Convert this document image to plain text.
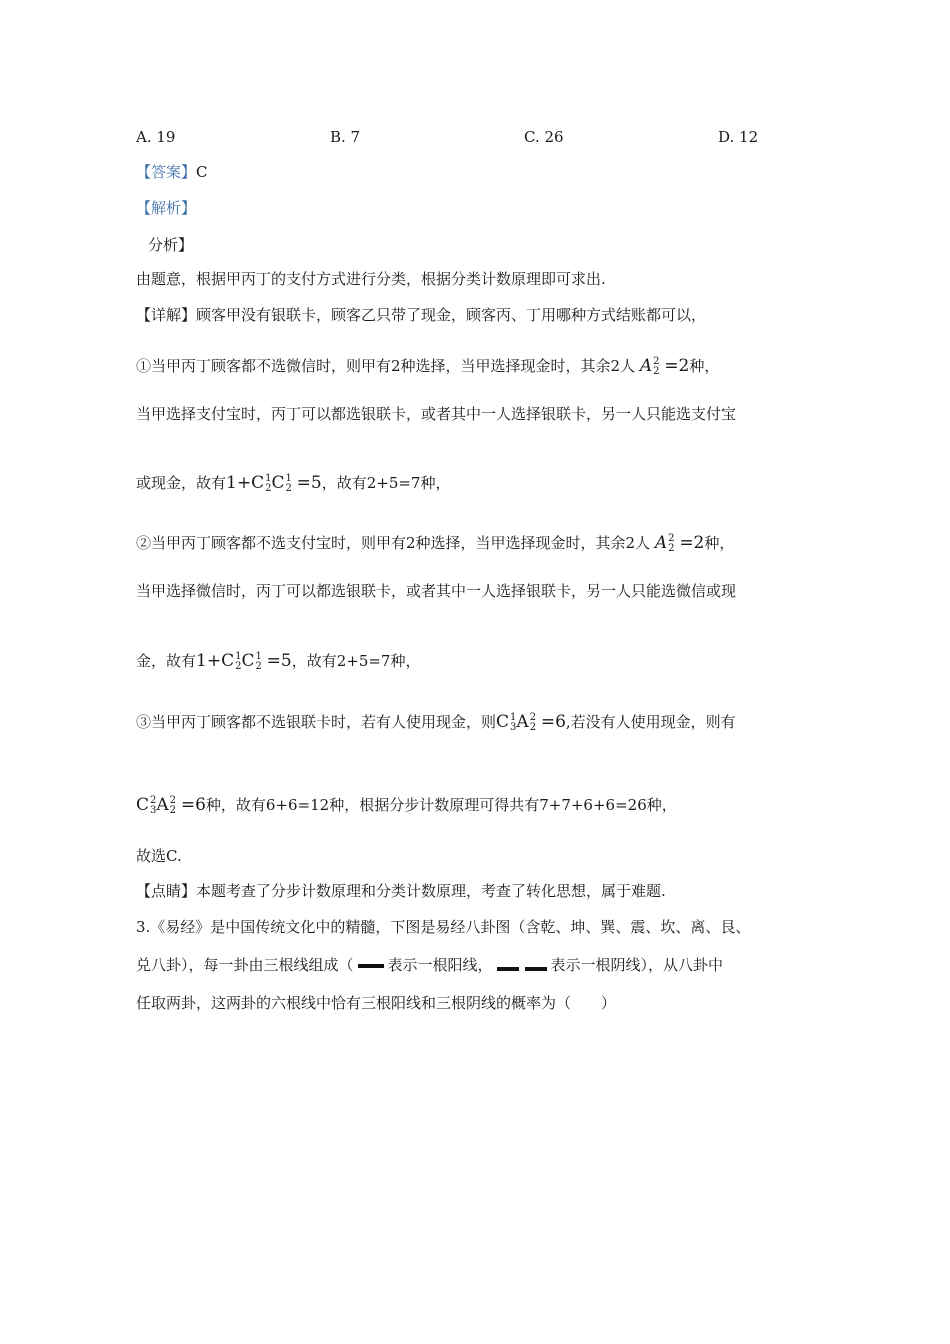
A. 19	B. 7	C. 26	D. 12
【答案】C
【解析】
分析】
由题意，根据甲丙丁的支付方式进行分类，根据分类计数原理即可求出.
【详解】顾客甲没有银联卡，顾客乙只带了现金，顾客丙、丁用哪种方式结账都可以，
①当甲丙丁顾客都不选微信时，则甲有2种选择，当甲选择现金时，其余2人 A 2
2 =2种，
当甲选择支付宝时，丙丁可以都选银联卡，或者其中一人选择银联卡，另一人只能选支付宝
或现金，故有1+C 1
2 C 1
2 =5，故有2+5=7种，
②当甲丙丁顾客都不选支付宝时，则甲有2种选择，当甲选择现金时，其余2人 A 2
2 =2种，
当甲选择微信时，丙丁可以都选银联卡，或者其中一人选择银联卡，另一人只能选微信或现
金，故有1+C 1
2 C 1
2 =5，故有2+5=7种，
③当甲丙丁顾客都不选银联卡时，若有人使用现金，则C 1
3 A 2
2 =6,若没有人使用现金，则有
C 2
3 A 2
2 =6种，故有6+6=12种，根据分步计数原理可得共有7+7+6+6=26种，
故选C.
【点睛】本题考查了分步计数原理和分类计数原理，考查了转化思想，属于难题.
3.《易经》是中国传统文化中的精髓，下图是易经八卦图（含乾、坤、巽、震、坎、离、艮、
兑八卦），每一卦由三根线组成（ 表示一根阳线，	表示一根阴线），从八卦中
任取两卦，这两卦的六根线中恰有三根阳线和三根阴线的概率为（　　）
